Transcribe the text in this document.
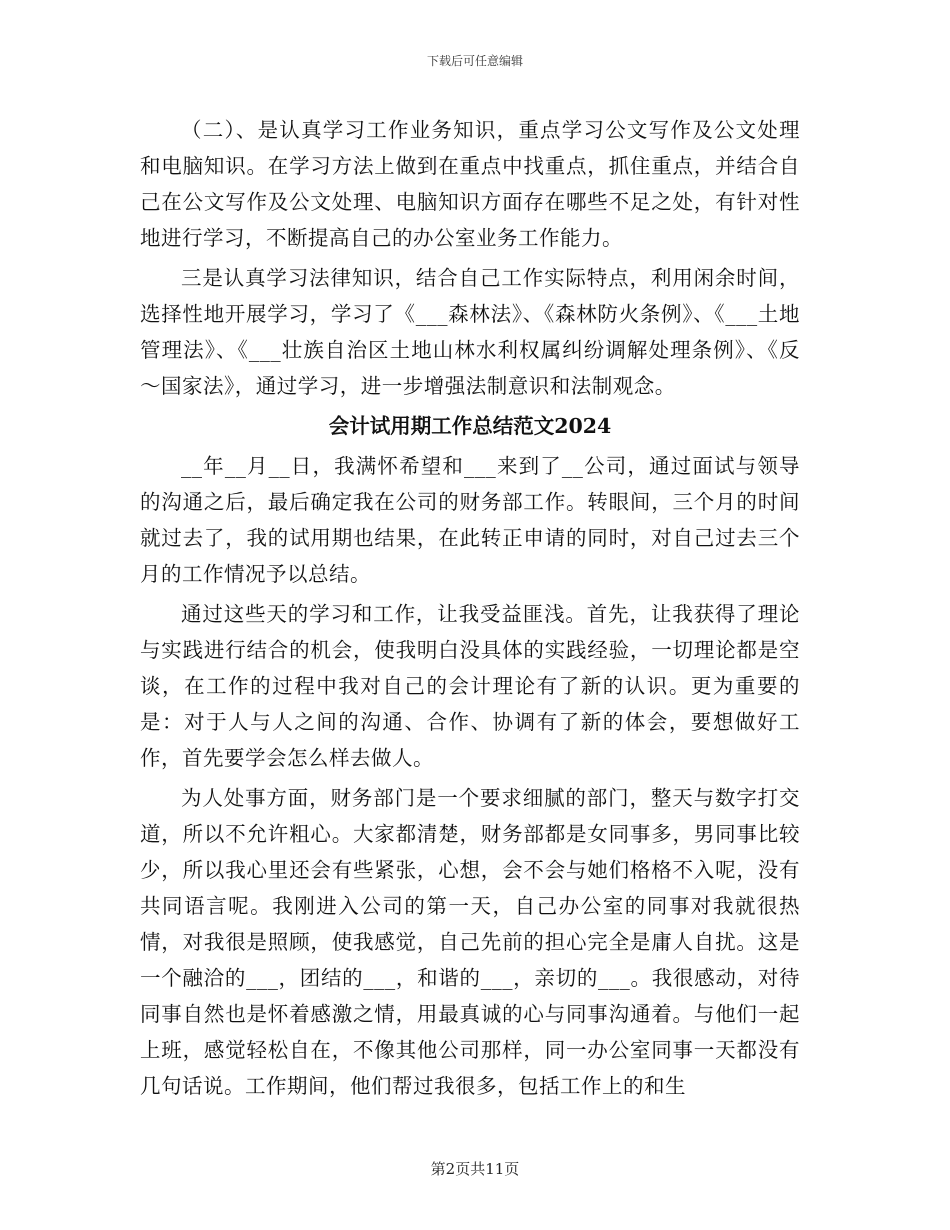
下载后可任意编辑

（二）、是认真学习工作业务知识，重点学习公文写作及公文处理和电脑知识。在学习方法上做到在重点中找重点，抓住重点，并结合自己在公文写作及公文处理、电脑知识方面存在哪些不足之处，有针对性地进行学习，不断提高自己的办公室业务工作能力。

三是认真学习法律知识，结合自己工作实际特点，利用闲余时间，选择性地开展学习，学习了《___森林法》、《森林防火条例》、《___土地管理法》、《___壮族自治区土地山林水利权属纠纷调解处理条例》、《反～国家法》，通过学习，进一步增强法制意识和法制观念。

会计试用期工作总结范文2024

__年__月__日，我满怀希望和___来到了__公司，通过面试与领导的沟通之后，最后确定我在公司的财务部工作。转眼间，三个月的时间就过去了，我的试用期也结果，在此转正申请的同时，对自己过去三个月的工作情况予以总结。

通过这些天的学习和工作，让我受益匪浅。首先，让我获得了理论与实践进行结合的机会，使我明白没具体的实践经验，一切理论都是空谈，在工作的过程中我对自己的会计理论有了新的认识。更为重要的是：对于人与人之间的沟通、合作、协调有了新的体会，要想做好工作，首先要学会怎么样去做人。

为人处事方面，财务部门是一个要求细腻的部门，整天与数字打交道，所以不允许粗心。大家都清楚，财务部都是女同事多，男同事比较少，所以我心里还会有些紧张，心想，会不会与她们格格不入呢，没有共同语言呢。我刚进入公司的第一天，自己办公室的同事对我就很热情，对我很是照顾，使我感觉，自己先前的担心完全是庸人自扰。这是一个融洽的___，团结的___，和谐的___，亲切的___。我很感动，对待同事自然也是怀着感激之情，用最真诚的心与同事沟通着。与他们一起上班，感觉轻松自在，不像其他公司那样，同一办公室同事一天都没有几句话说。工作期间，他们帮过我很多，包括工作上的和生

第2页共11页
